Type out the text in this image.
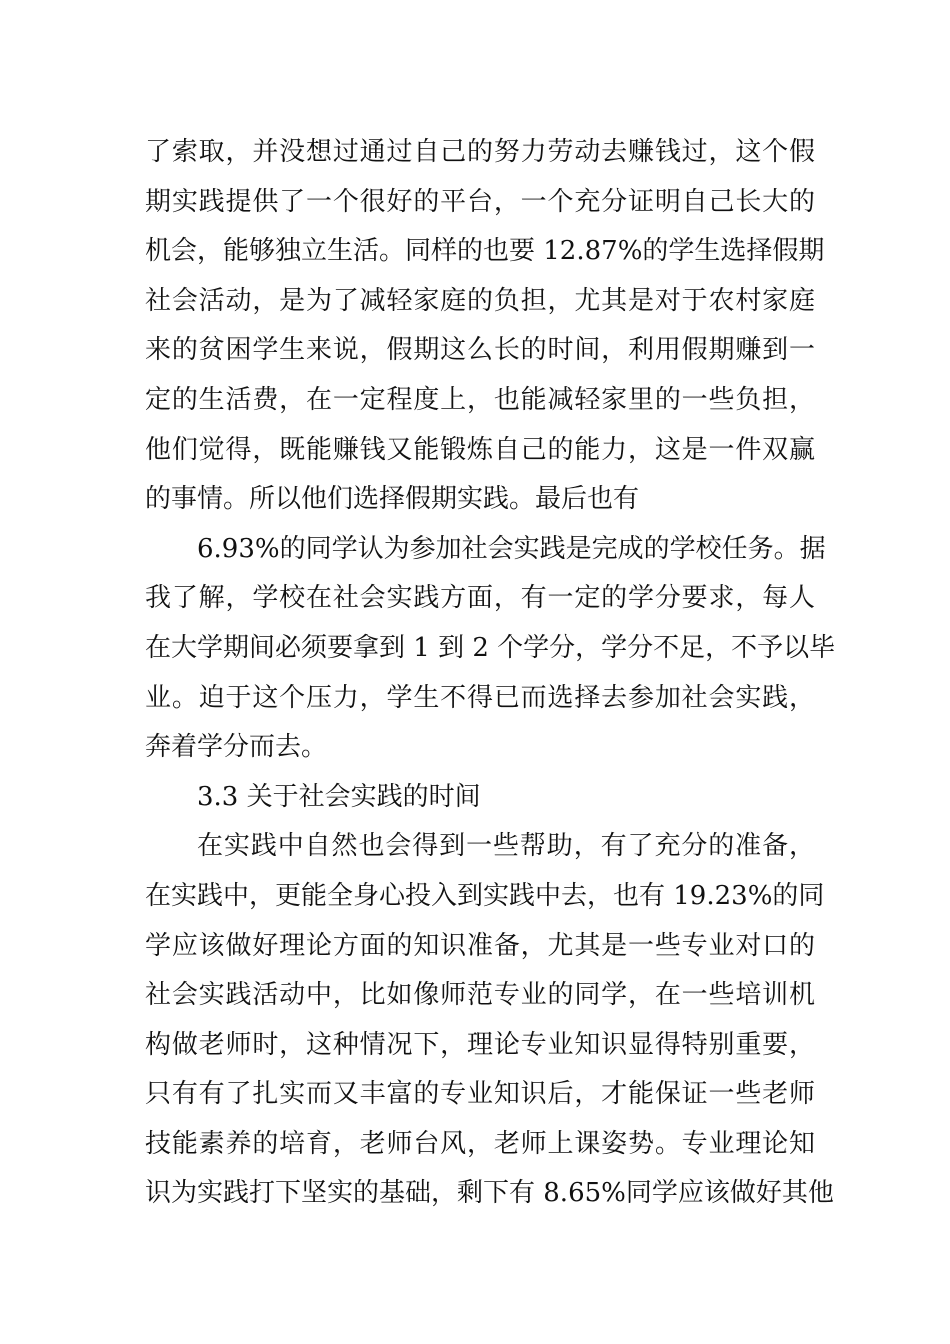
了索取，并没想过通过自己的努力劳动去赚钱过，这个假
期实践提供了一个很好的平台，一个充分证明自己长大的
机会，能够独立生活。同样的也要 12.87%的学生选择假期
社会活动，是为了减轻家庭的负担，尤其是对于农村家庭
来的贫困学生来说，假期这么长的时间，利用假期赚到一
定的生活费，在一定程度上，也能减轻家里的一些负担，
他们觉得，既能赚钱又能锻炼自己的能力，这是一件双赢
的事情。所以他们选择假期实践。最后也有
6.93%的同学认为参加社会实践是完成的学校任务。据
我了解，学校在社会实践方面，有一定的学分要求，每人
在大学期间必须要拿到 1 到 2 个学分，学分不足，不予以毕
业。迫于这个压力，学生不得已而选择去参加社会实践，
奔着学分而去。
3.3 关于社会实践的时间
在实践中自然也会得到一些帮助，有了充分的准备，
在实践中，更能全身心投入到实践中去，也有 19.23%的同
学应该做好理论方面的知识准备，尤其是一些专业对口的
社会实践活动中，比如像师范专业的同学，在一些培训机
构做老师时，这种情况下，理论专业知识显得特别重要，
只有有了扎实而又丰富的专业知识后，才能保证一些老师
技能素养的培育，老师台风，老师上课姿势。专业理论知
识为实践打下坚实的基础，剩下有 8.65%同学应该做好其他
